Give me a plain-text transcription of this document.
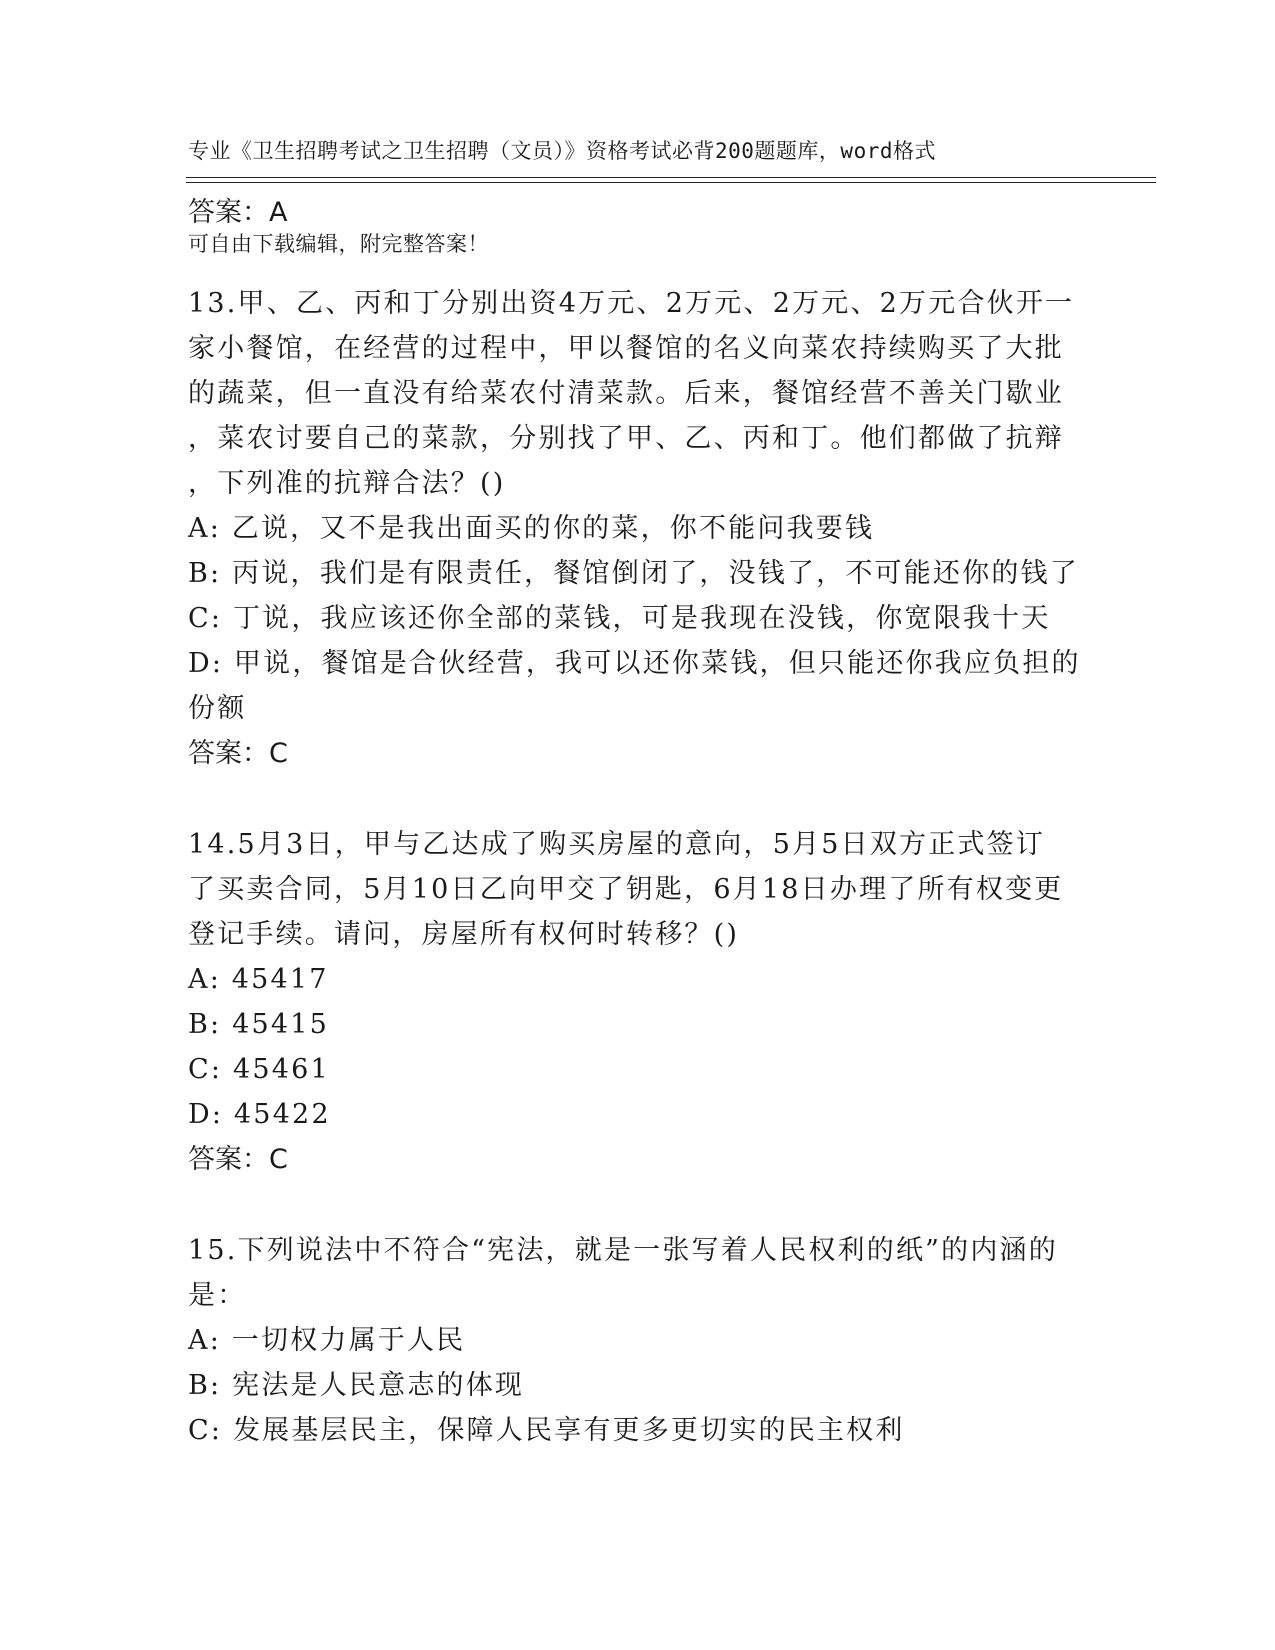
专业《卫生招聘考试之卫生招聘（文员）》资格考试必背200题题库，word格式

可自由下载编辑，附完整答案！

答案：A
13.甲、乙、丙和丁分别出资4万元、2万元、2万元、2万元合伙开一
家小餐馆，在经营的过程中，甲以餐馆的名义向菜农持续购买了大批
的蔬菜，但一直没有给菜农付清菜款。后来，餐馆经营不善关门歇业
，菜农讨要自己的菜款，分别找了甲、乙、丙和丁。他们都做了抗辩
，下列准的抗辩合法？()
A: 乙说，又不是我出面买的你的菜，你不能问我要钱
B: 丙说，我们是有限责任，餐馆倒闭了，没钱了，不可能还你的钱了
C: 丁说，我应该还你全部的菜钱，可是我现在没钱，你宽限我十天
D: 甲说，餐馆是合伙经营，我可以还你菜钱，但只能还你我应负担的
份额
答案：C
14.5月3日，甲与乙达成了购买房屋的意向，5月5日双方正式签订
了买卖合同，5月10日乙向甲交了钥匙，6月18日办理了所有权变更
登记手续。请问，房屋所有权何时转移？()
A: 45417
B: 45415
C: 45461
D: 45422
答案：C
15.下列说法中不符合“宪法，就是一张写着人民权利的纸”的内涵的
是：
A: 一切权力属于人民
B: 宪法是人民意志的体现
C: 发展基层民主，保障人民享有更多更切实的民主权利
